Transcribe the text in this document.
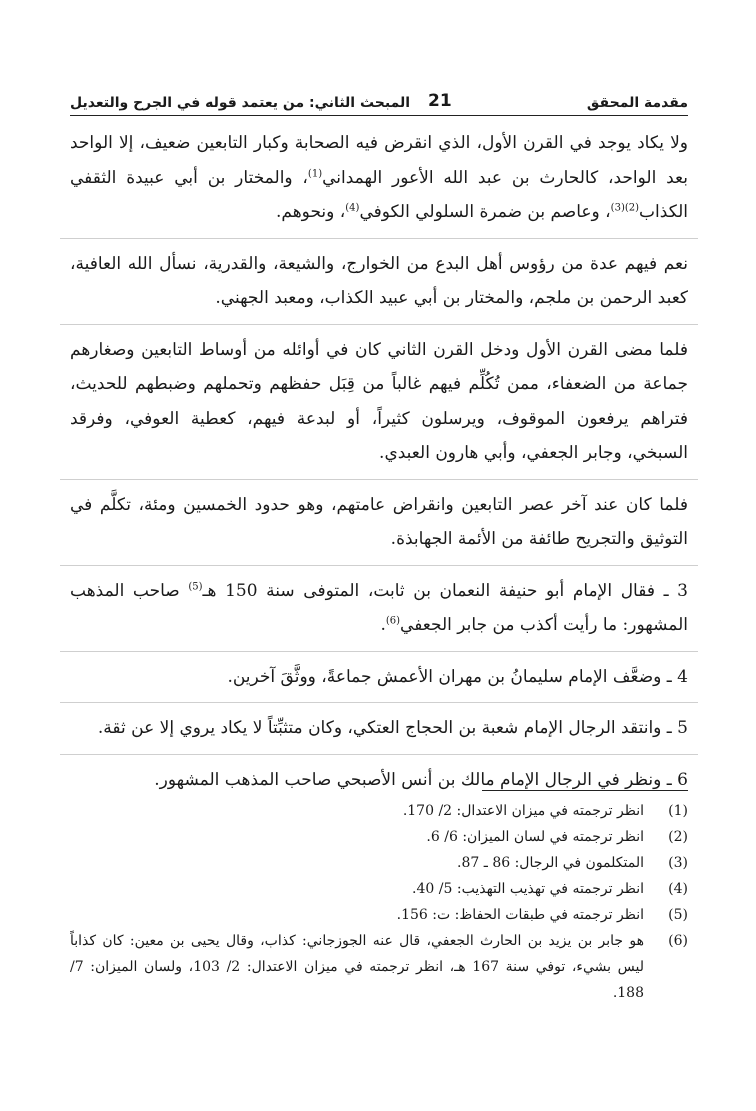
مقدمة المحقق
21
المبحث الثاني: من يعتمد قوله في الجرح والتعديل

ولا يكاد يوجد في القرن الأول، الذي انقرض فيه الصحابة وكبار التابعين ضعيف، إلا الواحد بعد الواحد، كالحارث بن عبد الله الأعور الهمداني$^{(1)}$، والمختار بن أبي عبيدة الثقفي الكذاب$^{(2)(3)}$، وعاصم بن ضمرة السلولي الكوفي$^{(4)}$، ونحوهم.

نعم فيهم عدة من رؤوس أهل البدع من الخوارج، والشيعة، والقدرية، نسأل الله العافية، كعبد الرحمن بن ملجم، والمختار بن أبي عبيد الكذاب، ومعبد الجهني.

فلما مضى القرن الأول ودخل القرن الثاني كان في أوائله من أوساط التابعين وصغارهم جماعة من الضعفاء، ممن تُكُلِّم فيهم غالباً من قِبَل حفظهم وتحملهم وضبطهم للحديث، فتراهم يرفعون الموقوف، ويرسلون كثيراً، أو لبدعة فيهم، كعطية العوفي، وفرقد السبخي، وجابر الجعفي، وأبي هارون العبدي.

فلما كان عند آخر عصر التابعين وانقراض عامتهم، وهو حدود الخمسين ومئة، تكلَّم في التوثيق والتجريح طائفة من الأئمة الجهابذة.

3 ـ فقال الإمام أبو حنيفة النعمان بن ثابت، المتوفى سنة 150 هـ$^{(5)}$ صاحب المذهب المشهور: ما رأيت أكذب من جابر الجعفي$^{(6)}$.

4 ـ وضعَّف الإمام سليمانُ بن مهران الأعمش جماعةً، ووثَّقَ آخرين.

5 ـ وانتقد الرجال الإمام شعبة بن الحجاج العتكي، وكان متثبِّتاً لا يكاد يروي إلا عن ثقة.

6 ـ ونظر في الرجال الإمام مالك بن أنس الأصبحي صاحب المذهب المشهور.

(1)
انظر ترجمته في ميزان الاعتدال: 2/ 170.
(2)
انظر ترجمته في لسان الميزان: 6/ 6.
(3)
المتكلمون في الرجال: 86 ـ 87.
(4)
انظر ترجمته في تهذيب التهذيب: 5/ 40.
(5)
انظر ترجمته في طبقات الحفاظ: ت: 156.
(6)
هو جابر بن يزيد بن الحارث الجعفي، قال عنه الجوزجاني: كذاب، وقال يحيى بن معين: كان كذاباً ليس بشيء، توفي سنة 167 هـ، انظر ترجمته في ميزان الاعتدال: 2/ 103، ولسان الميزان: 7/ 188.
